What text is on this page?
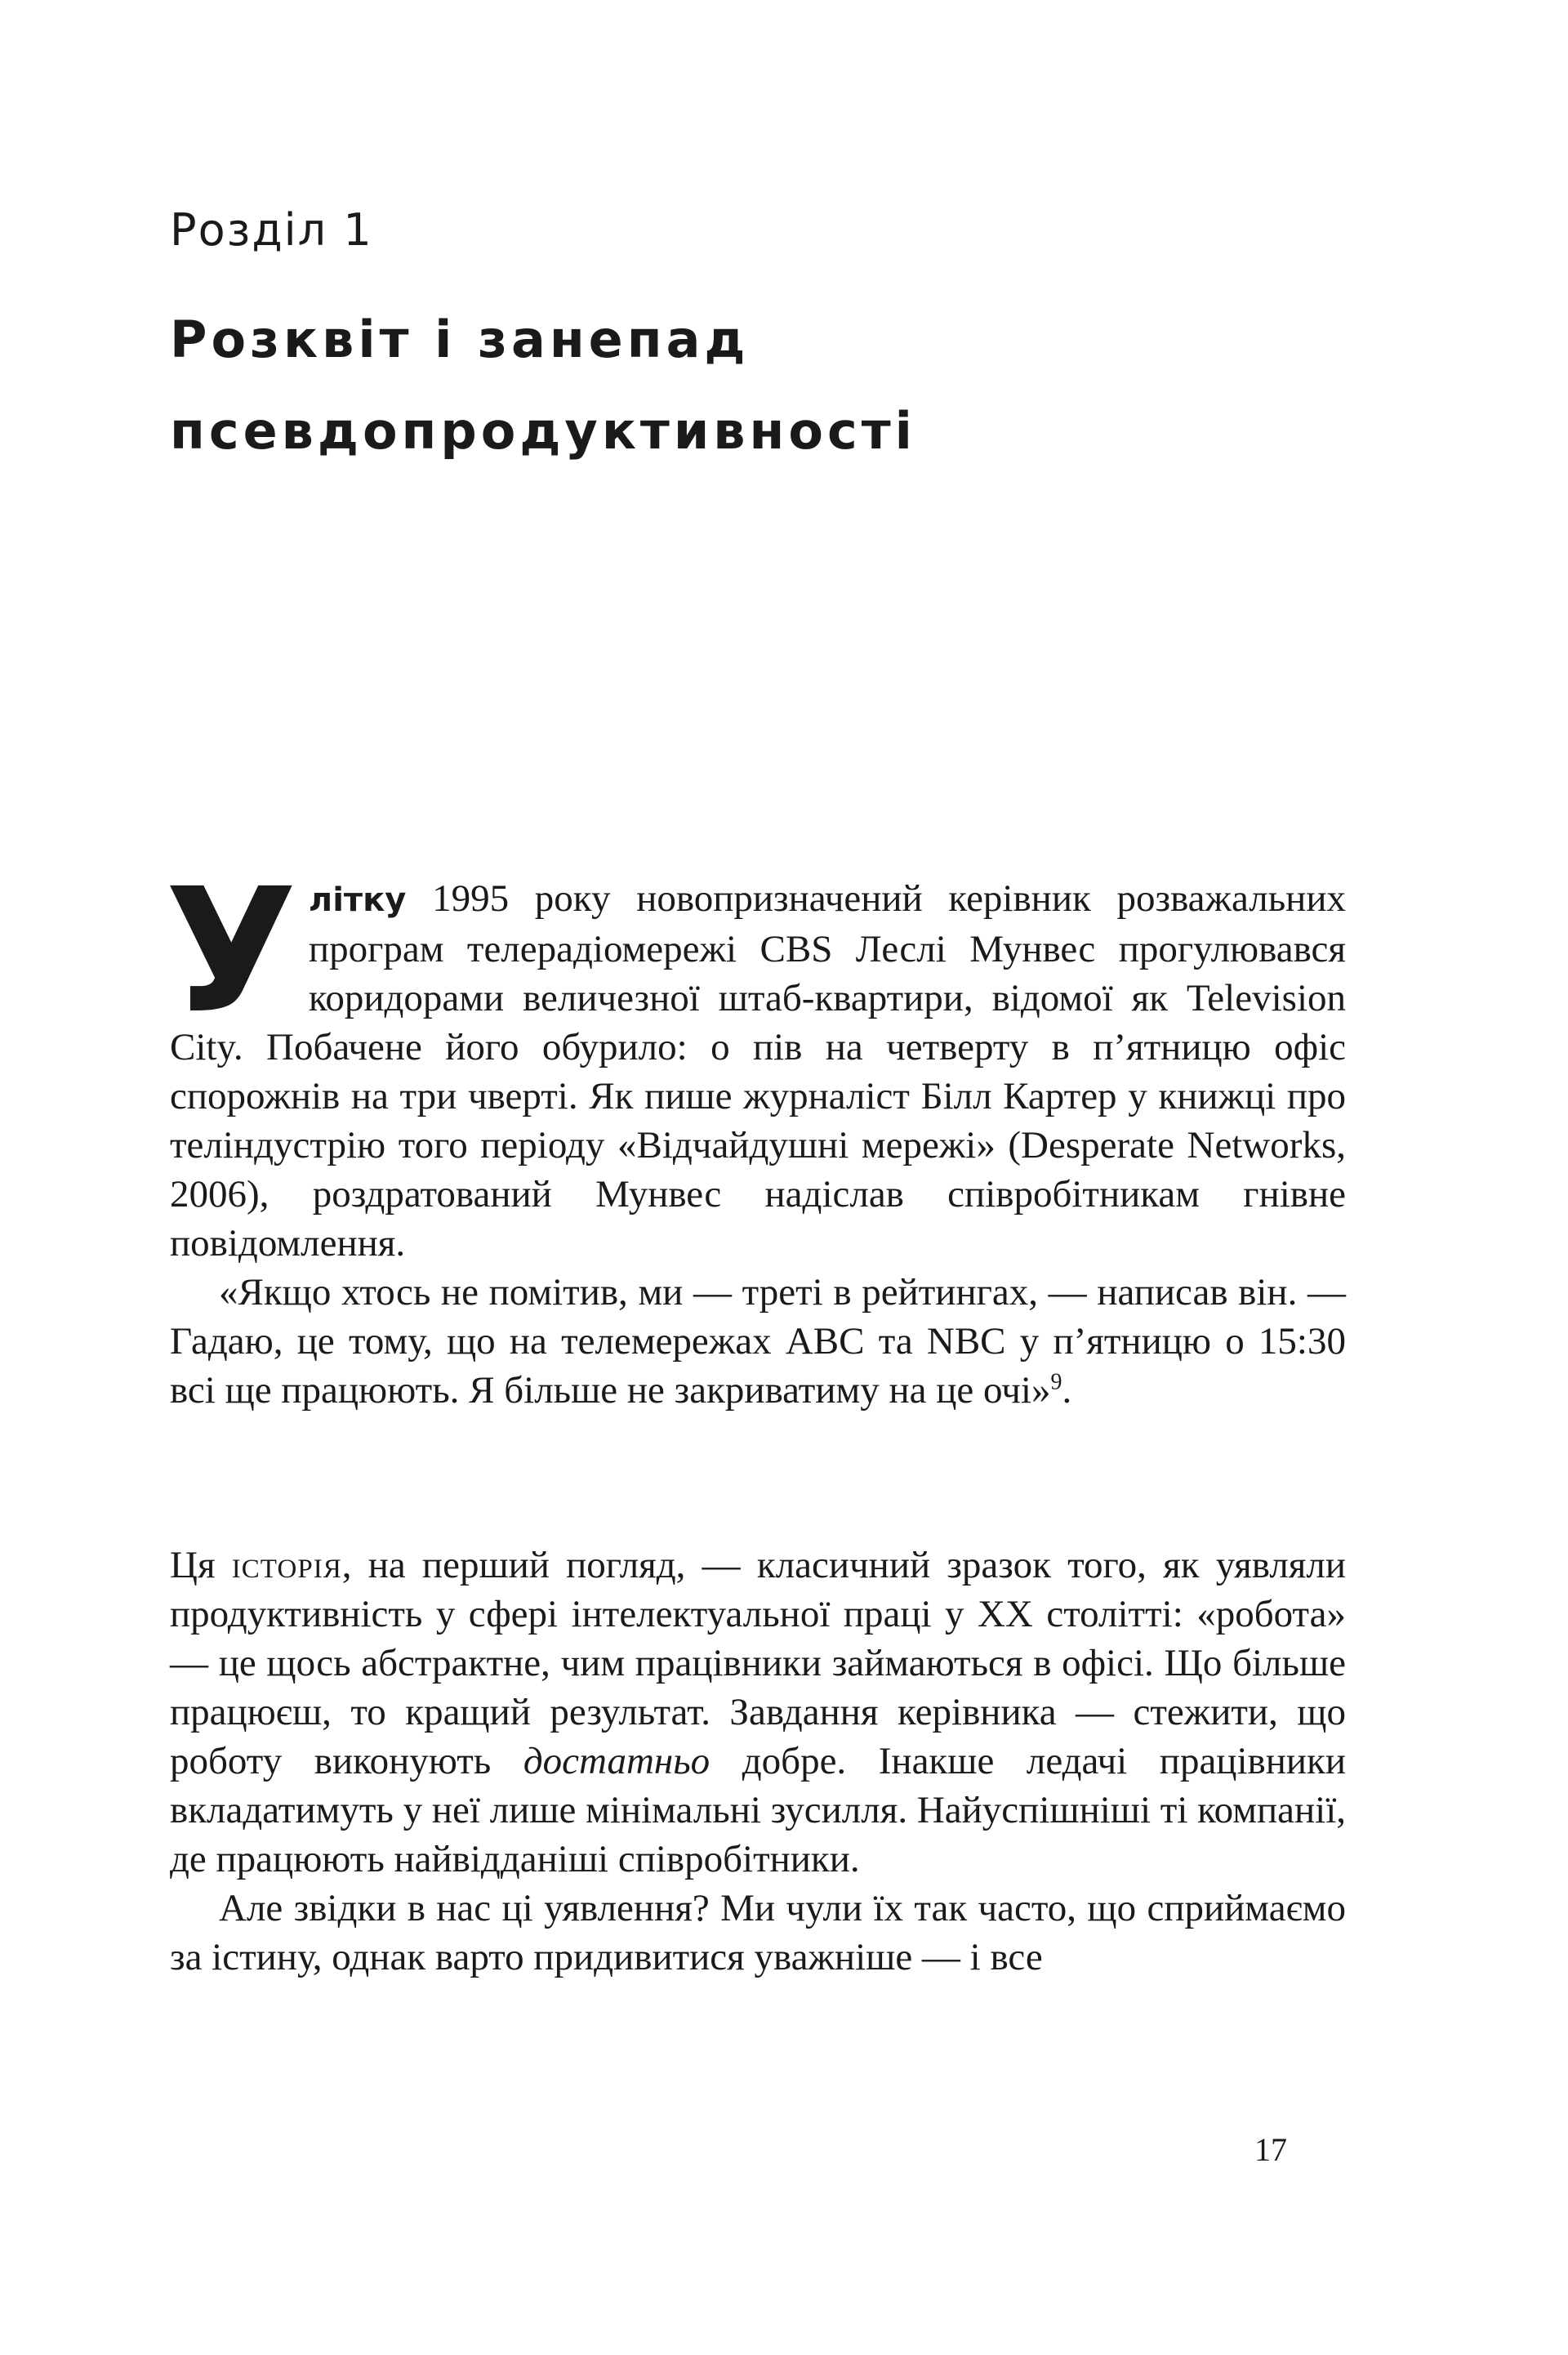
Розділ 1
Розквіт і занепад
псевдопродуктивності

Улітку 1995 року новопризначений керівник розважальних програм телерадіомережі CBS Леслі Мунвес прогулювався коридорами величезної штаб-квартири, відомої як Television City. Побачене його обурило: о пів на четверту в п’ятницю офіс спорожнів на три чверті. Як пише журналіст Білл Картер у книжці про теліндустрію того періоду «Відчайдушні мережі» (Desperate Networks, 2006), роздратований Мунвес надіслав співробітникам гнівне повідомлення.

«Якщо хтось не помітив, ми — треті в рейтингах, — написав він. — Гадаю, це тому, що на телемережах ABC та NBC у п’ятницю о 15:30 всі ще працюють. Я більше не закриватиму на це очі»$^9$.

Ця історія, на перший погляд, — класичний зразок того, як уявляли продуктивність у сфері інтелектуальної праці у XX столітті: «робота» — це щось абстрактне, чим працівники займаються в офісі. Що більше працюєш, то кращий результат. Завдання керівника — стежити, що роботу виконують достатньо добре. Інакше ледачі працівники вкладатимуть у неї лише мінімальні зусилля. Найуспішніші ті компанії, де працюють найвідданіші співробітники.

Але звідки в нас ці уявлення? Ми чули їх так часто, що сприймаємо за істину, однак варто придивитися уважніше — і все

17
